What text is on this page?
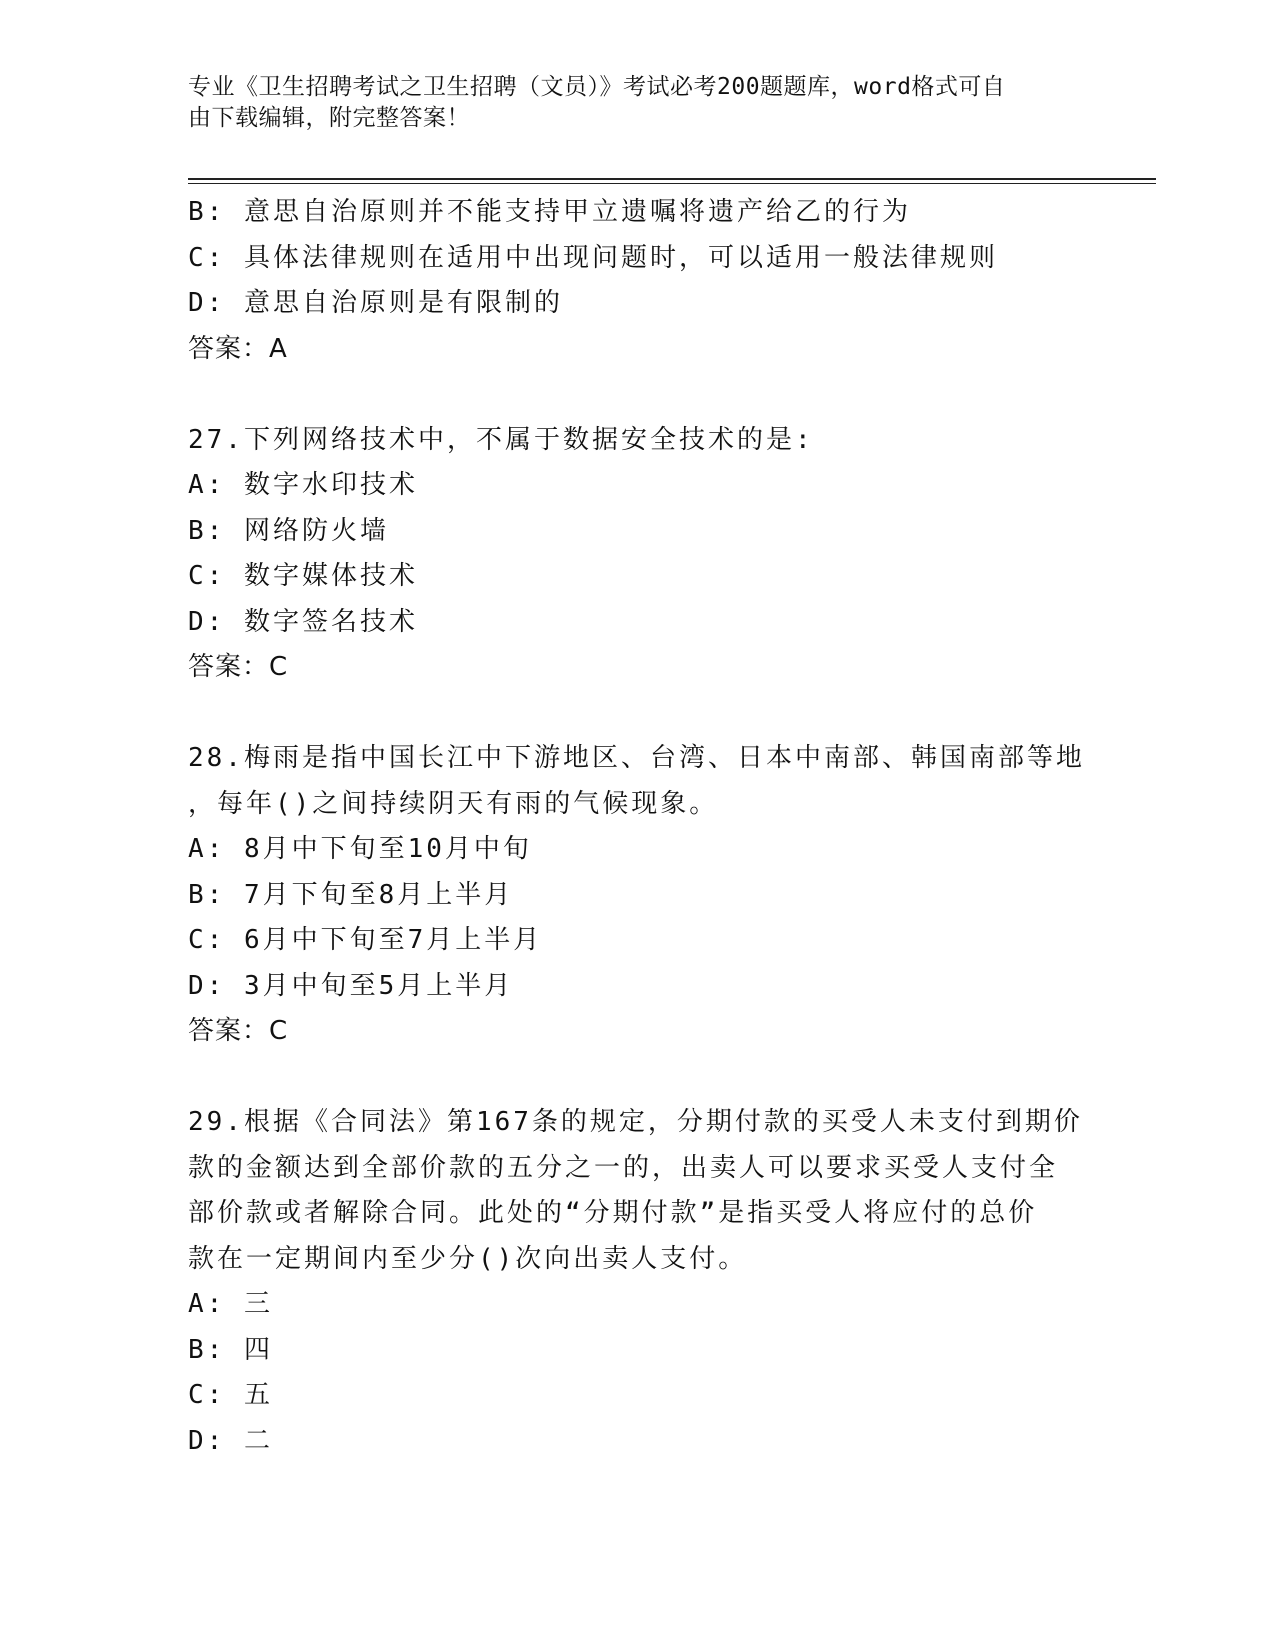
专业《卫生招聘考试之卫生招聘（文员）》考试必考200题题库，word格式可自
由下载编辑，附完整答案！
B: 意思自治原则并不能支持甲立遗嘱将遗产给乙的行为
C: 具体法律规则在适用中出现问题时，可以适用一般法律规则
D: 意思自治原则是有限制的
答案：A
27.下列网络技术中，不属于数据安全技术的是:
A: 数字水印技术
B: 网络防火墙
C: 数字媒体技术
D: 数字签名技术
答案：C
28.梅雨是指中国长江中下游地区、台湾、日本中南部、韩国南部等地
，每年()之间持续阴天有雨的气候现象。
A: 8月中下旬至10月中旬
B: 7月下旬至8月上半月
C: 6月中下旬至7月上半月
D: 3月中旬至5月上半月
答案：C
29.根据《合同法》第167条的规定，分期付款的买受人未支付到期价
款的金额达到全部价款的五分之一的，出卖人可以要求买受人支付全
部价款或者解除合同。此处的“分期付款”是指买受人将应付的总价
款在一定期间内至少分()次向出卖人支付。
A: 三
B: 四
C: 五
D: 二
